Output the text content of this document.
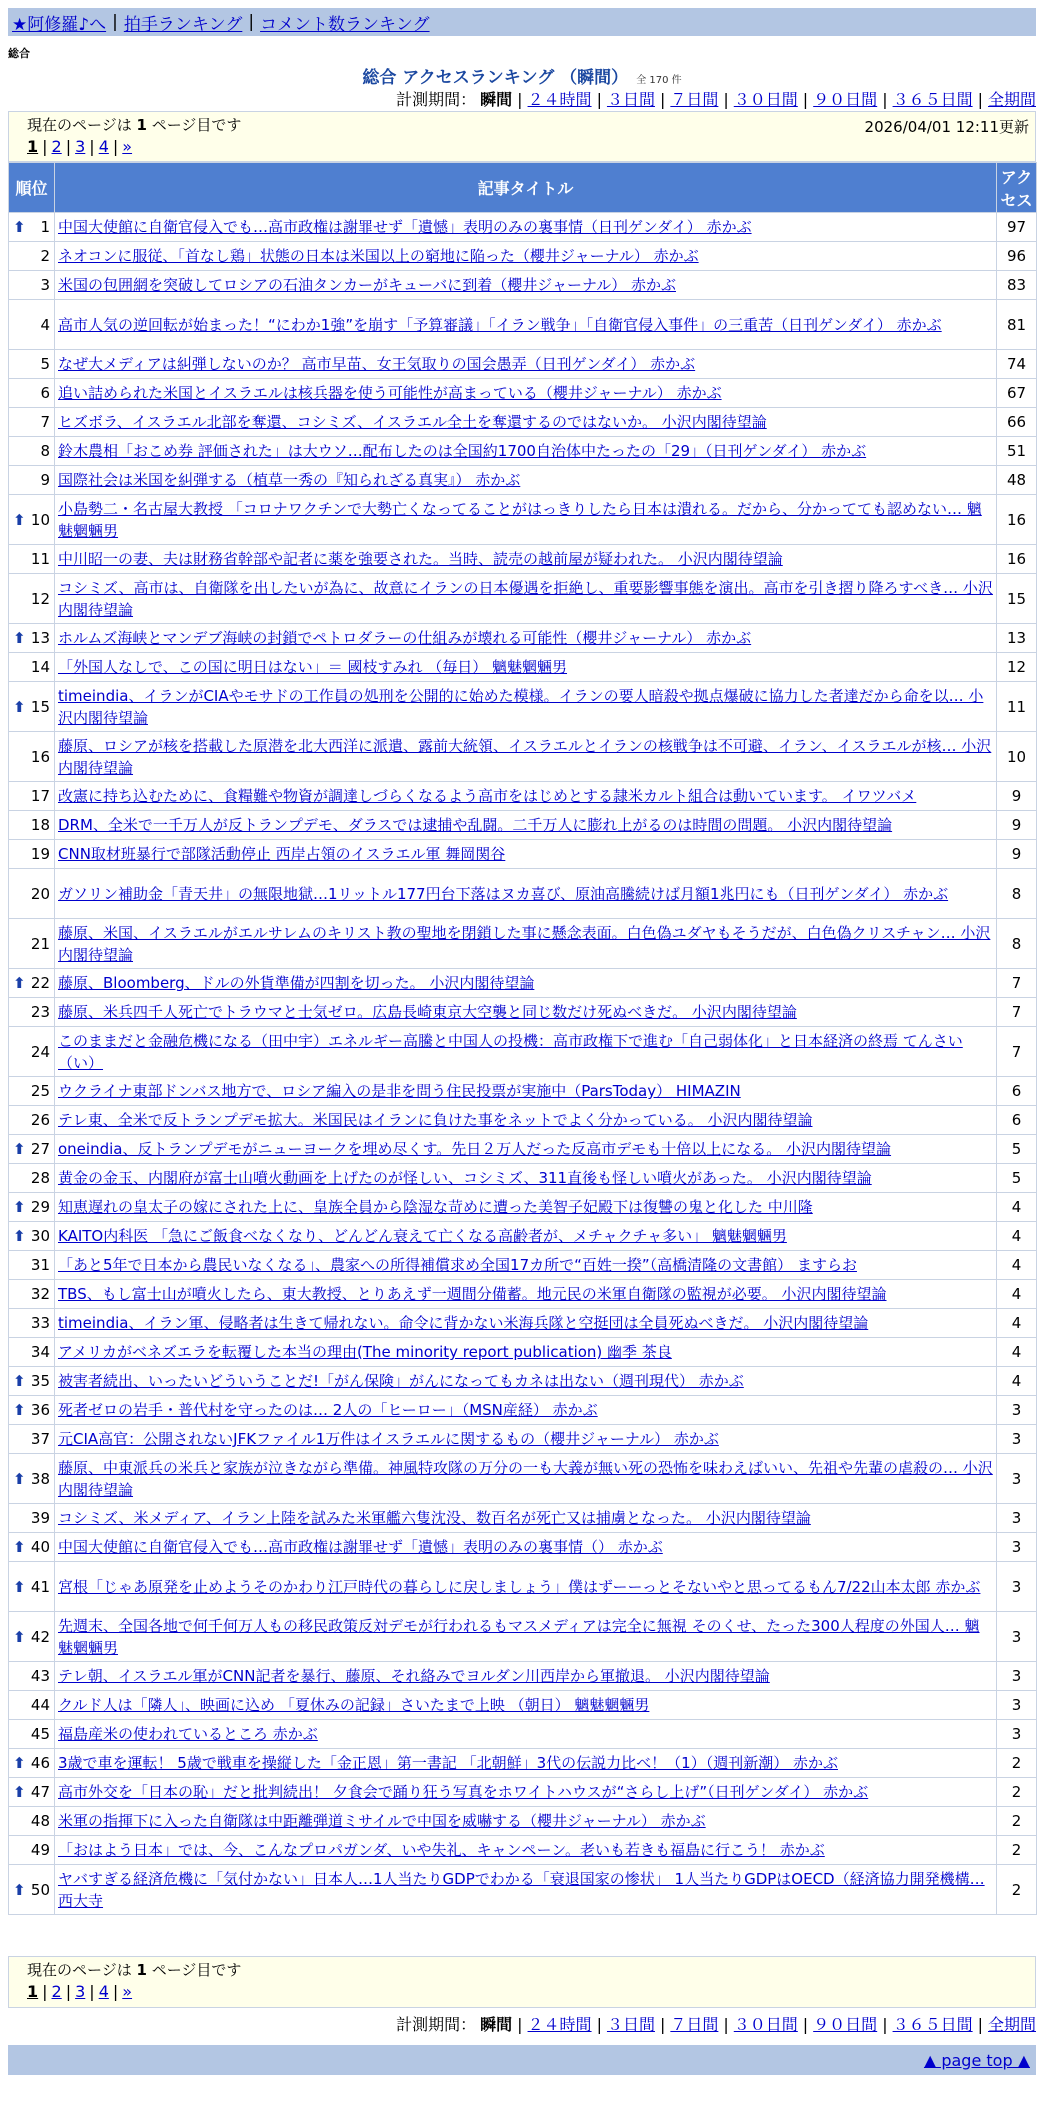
★阿修羅♪へ | 拍手ランキング | コメント数ランキング
総合
総合 アクセスランキング （瞬間） 全 170 件
計測期間： 瞬間 | ２４時間 | ３日間 | ７日間 | ３０日間 | ９０日間 | ３６５日間 | 全期間
現在のページは 1 ページ目です	2026/04/01 12:11更新
1 | 2 | 3 | 4 | »
順位	記事タイトル	アクセス

⬆ 1	中国大使館に自衛官侵入でも…高市政権は謝罪せず「遺憾」表明のみの裏事情（日刊ゲンダイ） 赤かぶ	97
2	ネオコンに服従、「首なし鶏」状態の日本は米国以上の窮地に陥った（櫻井ジャーナル） 赤かぶ	96
3	米国の包囲網を突破してロシアの石油タンカーがキューバに到着（櫻井ジャーナル） 赤かぶ	83
4	高市人気の逆回転が始まった！“にわか1強”を崩す「予算審議」「イラン戦争」「自衛官侵入事件」の三重苦（日刊ゲンダイ） 赤かぶ	81
5	なぜ大メディアは糾弾しないのか？ 高市早苗、女王気取りの国会愚弄（日刊ゲンダイ） 赤かぶ	74
6	追い詰められた米国とイスラエルは核兵器を使う可能性が高まっている（櫻井ジャーナル） 赤かぶ	67
7	ヒズボラ、イスラエル北部を奪還、コシミズ、イスラエル全土を奪還するのではないか。 小沢内閣待望論	66
8	鈴木農相「おこめ券 評価された」は大ウソ…配布したのは全国約1700自治体中たったの「29」（日刊ゲンダイ） 赤かぶ	51
9	国際社会は米国を糾弾する（植草一秀の『知られざる真実』） 赤かぶ	48

⬆ 10	小島勢二・名古屋大教授 「コロナワクチンで大勢亡くなってることがはっきりしたら日本は潰れる。だから、分かってても認めない… 魑魅魍魎男	16
11	中川昭一の妻、夫は財務省幹部や記者に薬を強要された。当時、読売の越前屋が疑われた。 小沢内閣待望論	16
12	コシミズ、高市は、自衛隊を出したいが為に、故意にイランの日本優遇を拒絶し、重要影響事態を演出。高市を引き摺り降ろすべき… 小沢内閣待望論	15

⬆ 13	ホルムズ海峡とマンデブ海峡の封鎖でペトロダラーの仕組みが壊れる可能性（櫻井ジャーナル） 赤かぶ	13
14	「外国人なしで、この国に明日はない」＝ 國枝すみれ （毎日） 魑魅魍魎男	12

⬆ 15	timeindia、イランがCIAやモサドの工作員の処刑を公開的に始めた模様。イランの要人暗殺や拠点爆破に協力した者達だから命を以… 小沢内閣待望論	11
16	藤原、ロシアが核を搭載した原潜を北大西洋に派遣、露前大統領、イスラエルとイランの核戦争は不可避、イラン、イスラエルが核… 小沢内閣待望論	10
17	改憲に持ち込むために、食糧難や物資が調達しづらくなるよう高市をはじめとする隷米カルト組合は動いています。 イワツバメ	9
18	DRM、全米で一千万人が反トランプデモ、ダラスでは逮捕や乱闘。二千万人に膨れ上がるのは時間の問題。 小沢内閣待望論	9
19	CNN取材班暴行で部隊活動停止 西岸占領のイスラエル軍 舞岡関谷	9
20	ガソリン補助金「青天井」の無限地獄…1リットル177円台下落はヌカ喜び、原油高騰続けば月額1兆円にも（日刊ゲンダイ） 赤かぶ	8
21	藤原、米国、イスラエルがエルサレムのキリスト教の聖地を閉鎖した事に懸念表面。白色偽ユダヤもそうだが、白色偽クリスチャン… 小沢内閣待望論	8

⬆ 22	藤原、Bloomberg、ドルの外貨準備が四割を切った。 小沢内閣待望論	7
23	藤原、米兵四千人死亡でトラウマと士気ゼロ。広島長崎東京大空襲と同じ数だけ死ぬべきだ。 小沢内閣待望論	7
24	このままだと金融危機になる（田中宇）エネルギー高騰と中国人の投機：高市政権下で進む「自己弱体化」と日本経済の終焉 てんさい（い）	7
25	ウクライナ東部ドンバス地方で、ロシア編入の是非を問う住民投票が実施中（ParsToday） HIMAZIN	6
26	テレ東、全米で反トランプデモ拡大。米国民はイランに負けた事をネットでよく分かっている。 小沢内閣待望論	6

⬆ 27	oneindia、反トランプデモがニューヨークを埋め尽くす。先日２万人だった反高市デモも十倍以上になる。 小沢内閣待望論	5
28	黄金の金玉、内閣府が富士山噴火動画を上げたのが怪しい、コシミズ、311直後も怪しい噴火があった。 小沢内閣待望論	5

⬆ 29	知恵遅れの皇太子の嫁にされた上に、皇族全員から陰湿な苛めに遭った美智子妃殿下は復讐の鬼と化した 中川隆	4

⬆ 30	KAITO内科医 「急にご飯食べなくなり、どんどん衰えて亡くなる高齢者が、メチャクチャ多い」 魑魅魍魎男	4
31	「あと5年で日本から農民いなくなる」、農家への所得補償求め全国17カ所で“百姓一揆”（高橋清隆の文書館） ますらお	4
32	TBS、もし富士山が噴火したら、東大教授、とりあえず一週間分備蓄。地元民の米軍自衛隊の監視が必要。 小沢内閣待望論	4
33	timeindia、イラン軍、侵略者は生きて帰れない。命令に背かない米海兵隊と空挺団は全員死ぬべきだ。 小沢内閣待望論	4
34	アメリカがベネズエラを転覆した本当の理由(The minority report publication) 幽季 茶良	4

⬆ 35	被害者続出、いったいどういうことだ!「がん保険」がんになってもカネは出ない（週刊現代） 赤かぶ	4

⬆ 36	死者ゼロの岩手・普代村を守ったのは… 2人の「ヒーロー」（MSN産経） 赤かぶ	3
37	元CIA高官：公開されないJFKファイル1万件はイスラエルに関するもの（櫻井ジャーナル） 赤かぶ	3

⬆ 38	藤原、中東派兵の米兵と家族が泣きながら準備。神風特攻隊の万分の一も大義が無い死の恐怖を味わえばいい、先祖や先輩の虐殺の… 小沢内閣待望論	3
39	コシミズ、米メディア、イラン上陸を試みた米軍艦六隻沈没、数百名が死亡又は捕虜となった。 小沢内閣待望論	3

⬆ 40	中国大使館に自衛官侵入でも…高市政権は謝罪せず「遺憾」表明のみの裏事情（） 赤かぶ	3

⬆ 41	宮根「じゃあ原発を止めようそのかわり江戸時代の暮らしに戻しましょう」僕はずーーっとそないやと思ってるもん7/22山本太郎 赤かぶ	3

⬆ 42	先週末、全国各地で何千何万人もの移民政策反対デモが行われるもマスメディアは完全に無視 そのくせ、たった300人程度の外国人… 魑魅魍魎男	3
43	テレ朝、イスラエル軍がCNN記者を暴行、藤原、それ絡みでヨルダン川西岸から軍撤退。 小沢内閣待望論	3
44	クルド人は「隣人」、映画に込め 「夏休みの記録」さいたまで上映 （朝日） 魑魅魍魎男	3
45	福島産米の使われているところ 赤かぶ	3

⬆ 46	3歳で車を運転！ 5歳で戦車を操縦した「金正恩」第一書記 「北朝鮮」3代の伝説力比べ！（1）（週刊新潮） 赤かぶ	2

⬆ 47	高市外交を「日本の恥」だと批判続出！ 夕食会で踊り狂う写真をホワイトハウスが“さらし上げ”（日刊ゲンダイ） 赤かぶ	2
48	米軍の指揮下に入った自衛隊は中距離弾道ミサイルで中国を威嚇する（櫻井ジャーナル） 赤かぶ	2
49	「おはよう日本」では、今、こんなプロパガンダ、いや失礼、キャンペーン。老いも若きも福島に行こう！ 赤かぶ	2

⬆ 50	ヤバすぎる経済危機に「気付かない」日本人…1人当たりGDPでわかる「衰退国家の惨状」 1人当たりGDPはOECD（経済協力開発機構… 西大寺	2
現在のページは 1 ページ目です
1 | 2 | 3 | 4 | »
計測期間： 瞬間 | ２４時間 | ３日間 | ７日間 | ３０日間 | ９０日間 | ３６５日間 | 全期間
▲ page top ▲
